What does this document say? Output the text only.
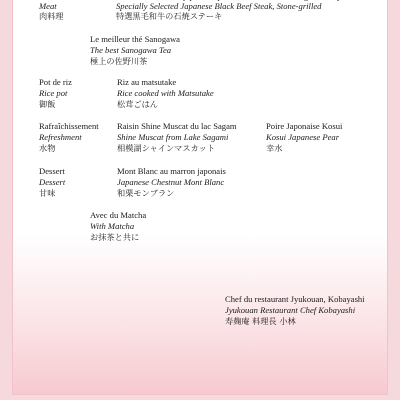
肉料理
Specially Selected Japanese Black Beef Steak, Stone-grilled
特選黒毛和牛の石焼ステーキ
Meat
Le meilleur thé Sanogawa
The best Sanogawa Tea
極上の佐野川茶
Pot de riz
Rice pot
御飯
Riz au matsutake
Rice cooked with Matsutake
松茸ごはん
Rafraîchissement
Refreshment
水物
Raisin Shine Muscat du lac Sagam
Shine Muscat from Lake Sagami
相模湖シャインマスカット
Poire Japonaise Kosui
Kosui Japanese Pear
幸水
Dessert
Dessert
甘味
Mont Blanc au marron japonais
Japanese Chestnut Mont Blanc
和栗モンブラン
Avec du Matcha
With Matcha
お抹茶と共に
Chef du restaurant Jyukouan, Kobayashi
Jyukouan Restaurant Chef Kobayashi
寿麹庵 料理長 小林
